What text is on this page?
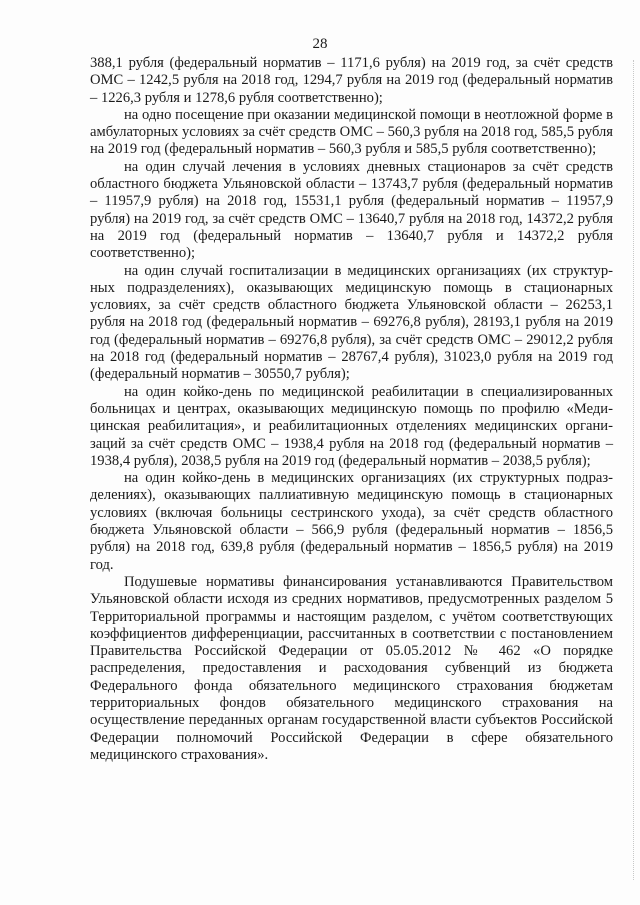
28

388,1 рубля (федеральный норматив – 1171,6 рубля) на 2019 год, за счёт средств ОМС – 1242,5 рубля на 2018 год, 1294,7 рубля на 2019 год (федеральный норматив – 1226,3 рубля и 1278,6 рубля соответственно);

на одно посещение при оказании медицинской помощи в неотложной форме в амбулаторных условиях за счёт средств ОМС – 560,3 рубля на 2018 год, 585,5 рубля на 2019 год (федеральный норматив – 560,3 рубля и 585,5 рубля соответственно);

на один случай лечения в условиях дневных стационаров за счёт средств областного бюджета Ульяновской области – 13743,7 рубля (федеральный норматив – 11957,9 рубля) на 2018 год, 15531,1 рубля (федеральный норматив – 11957,9 рубля) на 2019 год, за счёт средств ОМС – 13640,7 рубля на 2018 год, 14372,2 рубля на 2019 год (федеральный норматив – 13640,7 рубля и 14372,2 рубля соответственно);

на один случай госпитализации в медицинских организациях (их структурных подразделениях), оказывающих медицинскую помощь в стационарных условиях, за счёт средств областного бюджета Ульяновской области – 26253,1 рубля на 2018 год (федеральный норматив – 69276,8 рубля), 28193,1 рубля на 2019 год (федеральный норматив – 69276,8 рубля), за счёт средств ОМС – 29012,2 рубля на 2018 год (федеральный норматив – 28767,4 рубля), 31023,0 рубля на 2019 год (федеральный норматив – 30550,7 рубля);

на один койко-день по медицинской реабилитации в специализированных больницах и центрах, оказывающих медицинскую помощь по профилю «Медицинская реабилитация», и реабилитационных отделениях медицинских организаций за счёт средств ОМС – 1938,4 рубля на 2018 год (федеральный норматив – 1938,4 рубля), 2038,5 рубля на 2019 год (федеральный норматив – 2038,5 рубля);

на один койко-день в медицинских организациях (их структурных подразделениях), оказывающих паллиативную медицинскую помощь в стационарных условиях (включая больницы сестринского ухода), за счёт средств областного бюджета Ульяновской области – 566,9 рубля (федеральный норматив – 1856,5 рубля) на 2018 год, 639,8 рубля (федеральный норматив – 1856,5 рубля) на 2019 год.

Подушевые нормативы финансирования устанавливаются Правительством Ульяновской области исходя из средних нормативов, предусмотренных разделом 5 Территориальной программы и настоящим разделом, с учётом соответствующих коэффициентов дифференциации, рассчитанных в соответствии с постановлением Правительства Российской Федерации от 05.05.2012 № 462 «О порядке распределения, предоставления и расходования субвенций из бюджета Федерального фонда обязательного медицинского страхования бюджетам территориальных фондов обязательного медицинского страхования на осуществление переданных органам государственной власти субъектов Российской Федерации полномочий Российской Федерации в сфере обязательного медицинского страхования».
